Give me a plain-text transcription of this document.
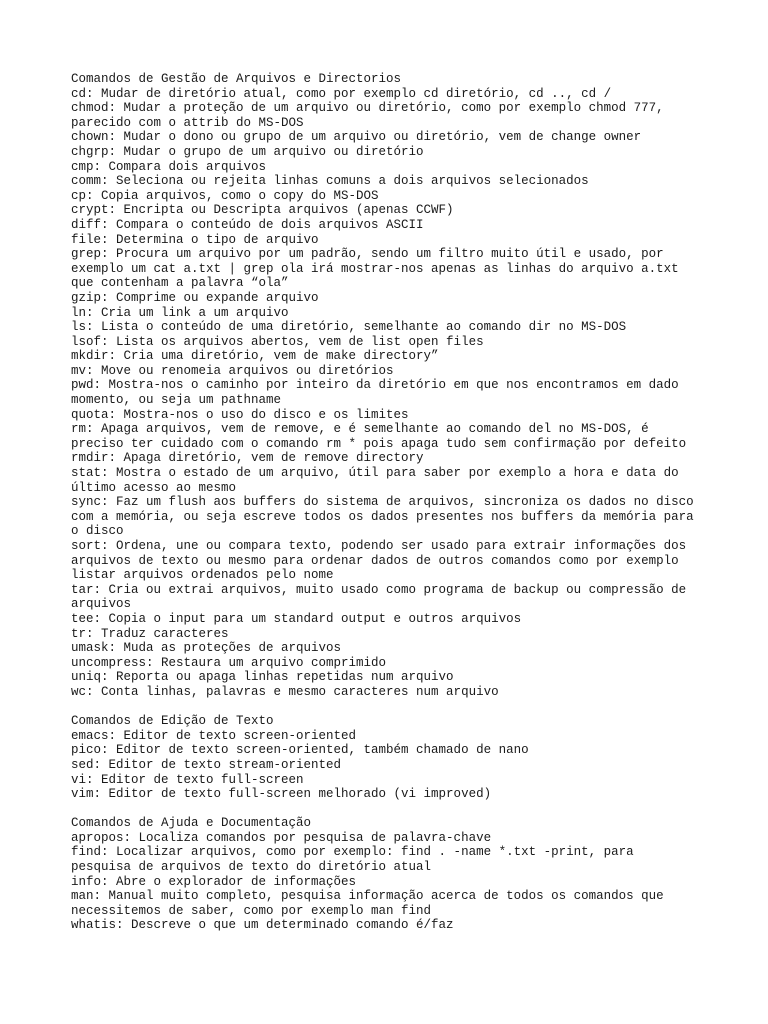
Comandos de Gestão de Arquivos e Directorios
cd: Mudar de diretório atual, como por exemplo cd diretório, cd .., cd /
chmod: Mudar a proteção de um arquivo ou diretório, como por exemplo chmod 777,
parecido com o attrib do MS-DOS
chown: Mudar o dono ou grupo de um arquivo ou diretório, vem de change owner
chgrp: Mudar o grupo de um arquivo ou diretório
cmp: Compara dois arquivos
comm: Seleciona ou rejeita linhas comuns a dois arquivos selecionados
cp: Copia arquivos, como o copy do MS-DOS
crypt: Encripta ou Descripta arquivos (apenas CCWF)
diff: Compara o conteúdo de dois arquivos ASCII
file: Determina o tipo de arquivo
grep: Procura um arquivo por um padrão, sendo um filtro muito útil e usado, por
exemplo um cat a.txt | grep ola irá mostrar-nos apenas as linhas do arquivo a.txt
que contenham a palavra “ola”
gzip: Comprime ou expande arquivo
ln: Cria um link a um arquivo
ls: Lista o conteúdo de uma diretório, semelhante ao comando dir no MS-DOS
lsof: Lista os arquivos abertos, vem de list open files
mkdir: Cria uma diretório, vem de make directory”
mv: Move ou renomeia arquivos ou diretórios
pwd: Mostra-nos o caminho por inteiro da diretório em que nos encontramos em dado
momento, ou seja um pathname
quota: Mostra-nos o uso do disco e os limites
rm: Apaga arquivos, vem de remove, e é semelhante ao comando del no MS-DOS, é
preciso ter cuidado com o comando rm * pois apaga tudo sem confirmação por defeito
rmdir: Apaga diretório, vem de remove directory
stat: Mostra o estado de um arquivo, útil para saber por exemplo a hora e data do
último acesso ao mesmo
sync: Faz um flush aos buffers do sistema de arquivos, sincroniza os dados no disco
com a memória, ou seja escreve todos os dados presentes nos buffers da memória para
o disco
sort: Ordena, une ou compara texto, podendo ser usado para extrair informações dos
arquivos de texto ou mesmo para ordenar dados de outros comandos como por exemplo
listar arquivos ordenados pelo nome
tar: Cria ou extrai arquivos, muito usado como programa de backup ou compressão de
arquivos
tee: Copia o input para um standard output e outros arquivos
tr: Traduz caracteres
umask: Muda as proteções de arquivos
uncompress: Restaura um arquivo comprimido
uniq: Reporta ou apaga linhas repetidas num arquivo
wc: Conta linhas, palavras e mesmo caracteres num arquivo
Comandos de Edição de Texto
emacs: Editor de texto screen-oriented
pico: Editor de texto screen-oriented, também chamado de nano
sed: Editor de texto stream-oriented
vi: Editor de texto full-screen
vim: Editor de texto full-screen melhorado (vi improved)
Comandos de Ajuda e Documentação
apropos: Localiza comandos por pesquisa de palavra-chave
find: Localizar arquivos, como por exemplo: find . -name *.txt -print, para
pesquisa de arquivos de texto do diretório atual
info: Abre o explorador de informações
man: Manual muito completo, pesquisa informação acerca de todos os comandos que
necessitemos de saber, como por exemplo man find
whatis: Descreve o que um determinado comando é/faz
